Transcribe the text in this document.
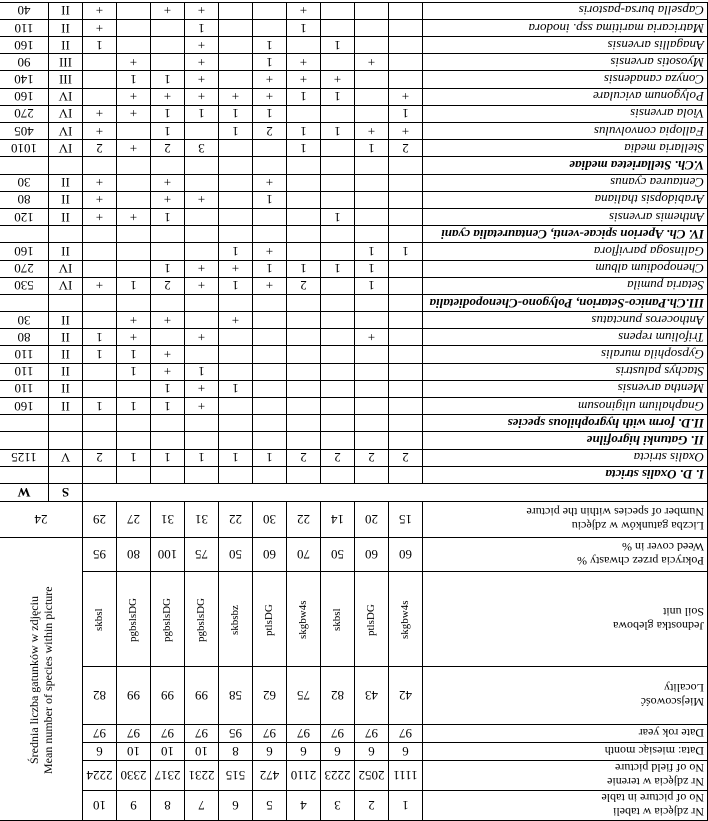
Nr zdjęcia w tabeli
No of picture in table	1	2	3	4	5	6	7	8	9	10	Średnia liczba gatunków w zdjęciu
Mean number of species within picture	
Nr zdjęcia w terenie
No of field picture	1111	2052	2223	2110	472	515	2231	2317	2330	2224		
Data: miesiąc month	6	6	6	6	6	8	10	10	10	6		
Date rok year	97	97	97	97	97	95	97	97	97	97		
Miejscowość
Locality	42	43	82	75	62	58	99	99	99	82		
Jednostka glebowa
Soil unit	skgbw4s	ptlsDG	skbsl	skgbw4s	ptlsDG	skbsbz	pgbslsDG	pgbslsDG	pgbslsDG	skbsl		
Pokrycia przez chwasty %
Weed cover in %	60	60	50	70	60	50	75	100	80	95		
Liczba gatunków w zdjęciu
Number of species within the picture	15	20	14	22	30	22	31	31	27	29	24	
											S	W
I. D. Oxalis stricta												
Oxalis stricta	2	2	2	2	1	1	1	1	1	2	V	1125
II. Gatunki higrofilne												
II.D. form with hygrophilous species												
Gnaphalium uliginosum							+	1	1	1	II	160
Mentha arvensis						1	+	1			II	110
Stachys palustris							1	+	1		II	110
Gypsophila muralis								+	1	1	II	110
Trifolium repens		+					+		+	1	II	80
Anthoceros punctatus						+		+	+		II	30
III.Ch.Panico-Setarion, Polygono-Chenopodietalia												
Setaria pumila		1		2	+	1	+	2	1	+	IV	530
Chenopodium album		1	1	1	1	+	+	1			IV	270
Galinsoga parviflora	1	1			+	1					II	160
IV. Ch. Aperion spicae-venti, Centauretalia cyani												
Anthemis arvensis			1					1	+	+	II	120
Arabidopsis thaliana					1		+	+		+	II	80
Centaurea cyanus					+			+		+	II	30
V.Ch. Stellarietea mediae												
Stellaria media	2	1		1			3	2	+	2	IV	1010
Fallopia convolvulus	+	+	1	1	2	1		1		+	IV	405
Viola arvensis	1				1	1	1	1	+	+	IV	270
Polygonum aviculare	+		1	1	+	+	+	+	+		IV	160
Conyza canadensis			+	+	+		+	1	1		III	140
Myosotis arvensis		+		+	1		+		+		III	90
Anagallis arvensis			1		1		+			1	II	160
Matricaria maritima ssp. inodora				1			1			+	II	110
Capsella bursa-pastoris				+			+	+		+	II	40
